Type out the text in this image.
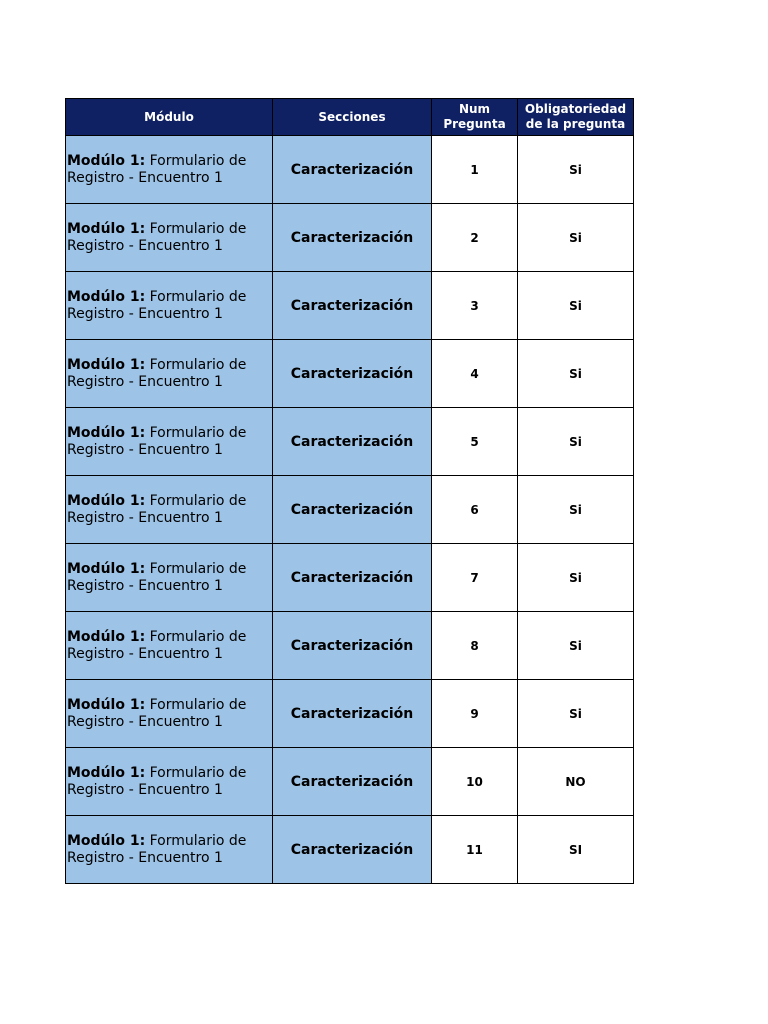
Módulo	Secciones	Num Pregunta	Obligatoriedad de la pregunta
Modúlo 1: Formulario de Registro - Encuentro 1	Caracterización	1	Si
Modúlo 1: Formulario de Registro - Encuentro 1	Caracterización	2	Si
Modúlo 1: Formulario de Registro - Encuentro 1	Caracterización	3	Si
Modúlo 1: Formulario de Registro - Encuentro 1	Caracterización	4	Si
Modúlo 1: Formulario de Registro - Encuentro 1	Caracterización	5	Si
Modúlo 1: Formulario de Registro - Encuentro 1	Caracterización	6	Si
Modúlo 1: Formulario de Registro - Encuentro 1	Caracterización	7	Si
Modúlo 1: Formulario de Registro - Encuentro 1	Caracterización	8	Si
Modúlo 1: Formulario de Registro - Encuentro 1	Caracterización	9	Si
Modúlo 1: Formulario de Registro - Encuentro 1	Caracterización	10	NO
Modúlo 1: Formulario de Registro - Encuentro 1	Caracterización	11	SI
